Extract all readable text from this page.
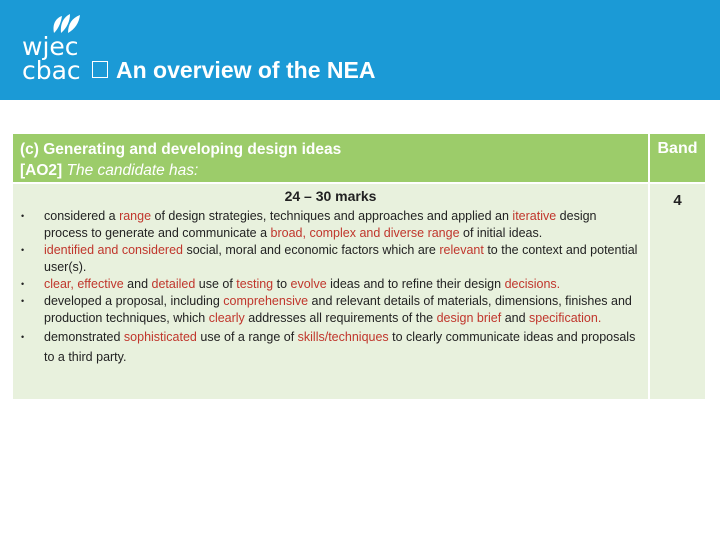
wjec
cbac An overview of the NEA
(c) Generating and developing design ideas
[AO2] The candidate has:
Band
24 – 30 marks
• considered a range of design strategies, techniques and approaches and applied an iterative design process to generate and communicate a broad, complex and diverse range of initial ideas.
• identified and considered social, moral and economic factors which are relevant to the context and potential user(s).
• clear, effective and detailed use of testing to evolve ideas and to refine their design decisions.
• developed a proposal, including comprehensive and relevant details of materials, dimensions, finishes and production techniques, which clearly addresses all requirements of the design brief and specification.
• demonstrated sophisticated use of a range of skills/techniques to clearly communicate ideas and proposals to a third party.
4
